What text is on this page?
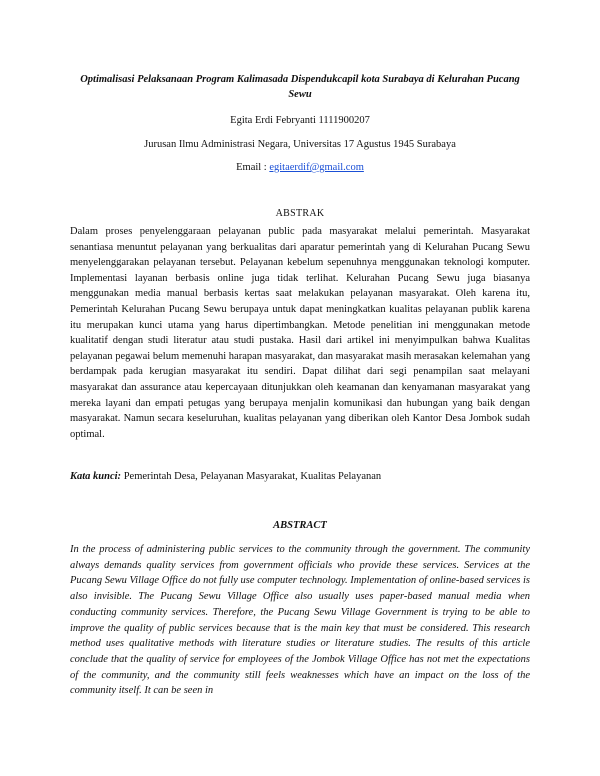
Optimalisasi Pelaksanaan Program Kalimasada Dispendukcapil kota Surabaya di Kelurahan Pucang Sewu
Egita Erdi Febryanti 1111900207
Jurusan Ilmu Administrasi Negara, Universitas 17 Agustus 1945 Surabaya
Email : egitaerdif@gmail.com
ABSTRAK

Dalam proses penyelenggaraan pelayanan public pada masyarakat melalui pemerintah. Masyarakat senantiasa menuntut pelayanan yang berkualitas dari aparatur pemerintah yang di Kelurahan Pucang Sewu menyelenggarakan pelayanan tersebut. Pelayanan kebelum sepenuhnya menggunakan teknologi komputer. Implementasi layanan berbasis online juga tidak terlihat. Kelurahan Pucang Sewu juga biasanya menggunakan media manual berbasis kertas saat melakukan pelayanan masyarakat. Oleh karena itu, Pemerintah Kelurahan Pucang Sewu berupaya untuk dapat meningkatkan kualitas pelayanan publik karena itu merupakan kunci utama yang harus dipertimbangkan. Metode penelitian ini menggunakan metode kualitatif dengan studi literatur atau studi pustaka. Hasil dari artikel ini menyimpulkan bahwa Kualitas pelayanan pegawai belum memenuhi harapan masyarakat, dan masyarakat masih merasakan kelemahan yang berdampak pada kerugian masyarakat itu sendiri. Dapat dilihat dari segi penampilan saat melayani masyarakat dan assurance atau kepercayaan ditunjukkan oleh keamanan dan kenyamanan masyarakat yang mereka layani dan empati petugas yang berupaya menjalin komunikasi dan hubungan yang baik dengan masyarakat. Namun secara keseluruhan, kualitas pelayanan yang diberikan oleh Kantor Desa Jombok sudah optimal.

Kata kunci: Pemerintah Desa, Pelayanan Masyarakat, Kualitas Pelayanan

ABSTRACT

In the process of administering public services to the community through the government. The community always demands quality services from government officials who provide these services. Services at the Pucang Sewu Village Office do not fully use computer technology. Implementation of online-based services is also invisible. The Pucang Sewu Village Office also usually uses paper-based manual media when conducting community services. Therefore, the Pucang Sewu Village Government is trying to be able to improve the quality of public services because that is the main key that must be considered. This research method uses qualitative methods with literature studies or literature studies. The results of this article conclude that the quality of service for employees of the Jombok Village Office has not met the expectations of the community, and the community still feels weaknesses which have an impact on the loss of the community itself. It can be seen in
